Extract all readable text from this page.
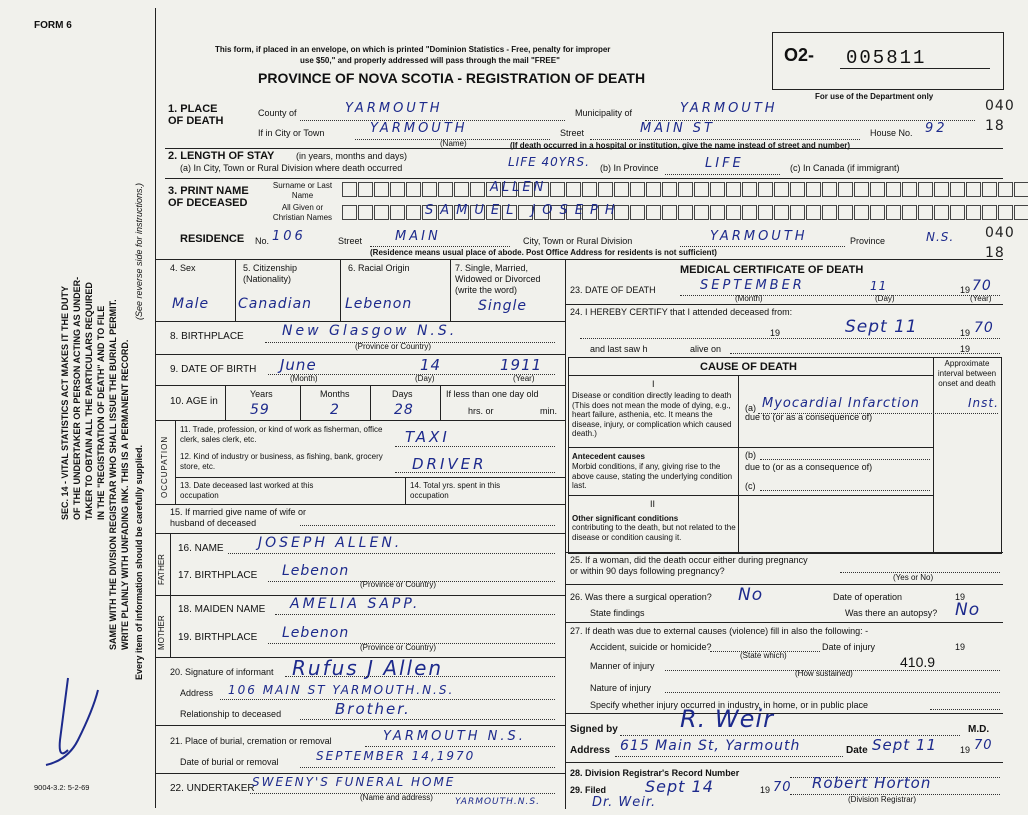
FORM 6
9004-3.2: 5-2-69
SEC. 14 - VITAL STATISTICS ACT MAKES IT THE DUTY OF THE UNDERTAKER OR PERSON ACTING AS UNDER- TAKER TO OBTAIN ALL THE PARTICULARS REQUIRED IN THE "REGISTRATION OF DEATH" AND TO FILE SAME WITH THE DIVISION REGISTRAR WHO SHALL ISSUE THE BURIAL PERMIT. WRITE PLAINLY WITH UNFADING INK. THIS IS A PERMANENT RECORD. Every item of information should be carefully supplied.
(See reverse side for instructions.)
This form, if placed in an envelope, on which is printed "Dominion Statistics - Free, penalty for improper
use $50," and properly addressed will pass through the mail "FREE"
PROVINCE OF NOVA SCOTIA - REGISTRATION OF DEATH
O2- 005811
For use of the Department only
040
18
1. PLACE OF DEATH
County of	YARMOUTH	Municipality of	YARMOUTH
If in City or Town	YARMOUTH
(Name)
Street	MAIN ST	House No. 92
(If death occurred in a hospital or institution, give the name instead of street and number)
2. LENGTH OF STAY (in years, months and days)
(a) In City, Town or Rural Division where death occurred	LIFE 40YRS. (b) In Province	LIFE	(c) In Canada (if immigrant)
3. PRINT NAME OF DECEASED
Surname or Last Name
ALLEN
All Given or Christian Names	SAMUEL JOSEPH
RESIDENCE No. 106	Street	MAIN	City, Town or Rural Division	YARMOUTH	Province	N.S. 040
18
(Residence means usual place of abode. Post Office Address for residents is not sufficient)
4. Sex
Male
5. Citizenship (Nationality)
Canadian
6. Racial Origin
Lebenon
7. Single, Married, Widowed or Divorced (write the word)
Single
8. BIRTHPLACE	New Glasgow N.S.
(Province or Country)
9. DATE OF BIRTH June	14	1911
(Month)	(Day)	(Year)
10. AGE in
Years
59
Months
2
Days
28
If less than one day old
hrs. or	min.
OCCUPATION
11. Trade, profession, or kind of work as fisherman, office clerk, sales clerk, etc.	TAXI
12. Kind of industry or business, as fishing, bank, grocery store, etc.	DRIVER
13. Date deceased last worked at this occupation
14. Total yrs. spent in this occupation
15. If married give name of wife or husband of deceased
FATHER
16. NAME JOSEPH ALLEN.
17. BIRTHPLACE Lebenon
(Province or Country)
MOTHER
18. MAIDEN NAME AMELIA SAPP.
19. BIRTHPLACE Lebenon
(Province or Country)
20. Signature of informant Rufus J Allen
Address 106 MAIN ST YARMOUTH.N.S.
Relationship to deceased	Brother.
21. Place of burial, cremation or removal	YARMOUTH N.S.
Date of burial or removal	SEPTEMBER 14,1970
22. UNDERTAKER
SWEENY'S FUNERAL HOME
(Name and address) YARMOUTH.N.S.
MEDICAL CERTIFICATE OF DEATH
23. DATE OF DEATH	SEPTEMBER	11	19 70
(Month)	(Day)	(Year)
24. I HEREBY CERTIFY that I attended deceased from:
19	Sept 11	19 70
and last saw h	alive on	19
CAUSE OF DEATH	Approximate interval between onset and death
I
Disease or condition directly leading to death (This does not mean the mode of dying, e.g., heart failure, asthenia, etc. It means the disease, injury, or complication which caused death.)
(a) Myocardial Infarction	Inst.
due to (or as a consequence of)
Antecedent causes
Morbid conditions, if any, giving rise to the above cause, stating the underlying condition last.
(b)
due to (or as a consequence of)
(c)
II
Other significant conditions
contributing to the death, but not related to the disease or condition causing it.
25. If a woman, did the death occur either during pregnancy or within 90 days following pregnancy?
(Yes or No)
26. Was there a surgical operation? No	Date of operation	19
State findings	Was there an autopsy? No
27. If death was due to external causes (violence) fill in also the following: -
Accident, suicide or homicide?
(State which)
Date of injury	19
Manner of injury	410.9
(How sustained)
Nature of injury
Specify whether injury occurred in industry, in home, or in public place
Signed by	R. Weir	M.D.
Address 615 Main St, Yarmouth	Date Sept 11	19 70
28. Division Registrar's Record Number
29. Filed Sept 14	19 70 Robert Horton
(Division Registrar)
Dr. Weir.
